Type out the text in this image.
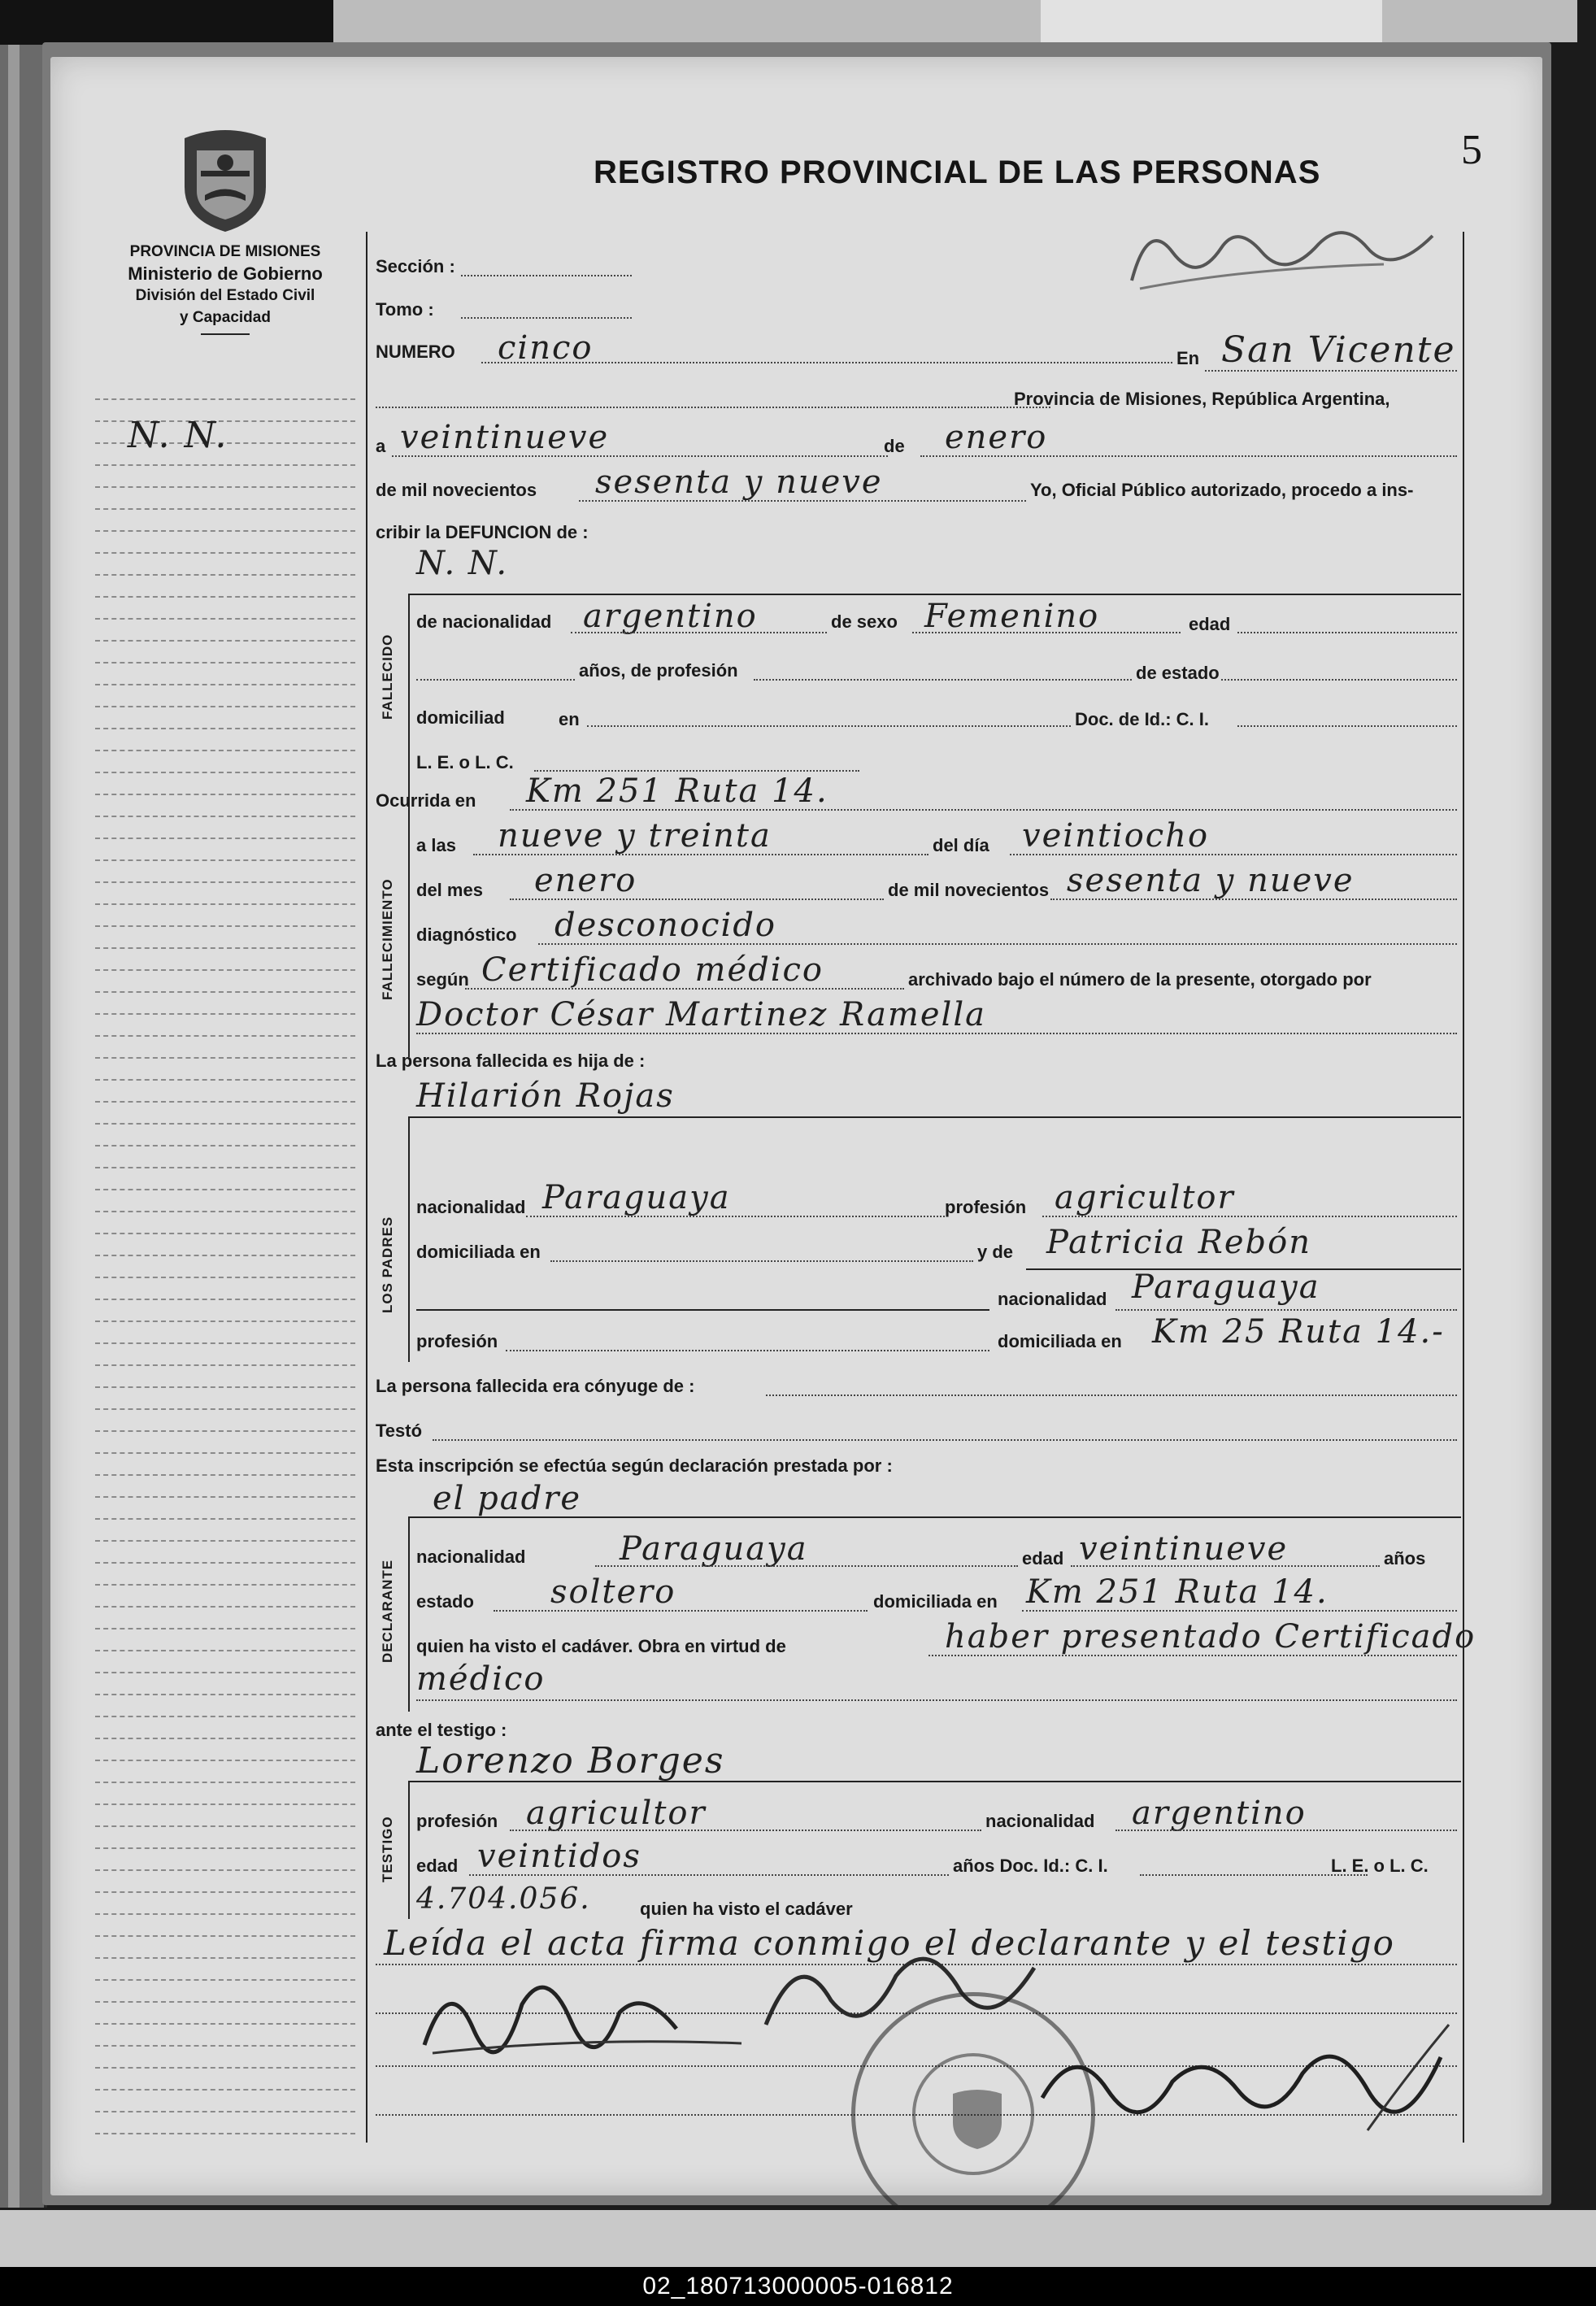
5
REGISTRO PROVINCIAL DE LAS PERSONAS
PROVINCIA DE MISIONES
Ministerio de Gobierno
División del Estado Civil
y Capacidad
N. N.
Sección :
Tomo :
NUMERO cinco	En San Vicente
Provincia de Misiones, República Argentina,
a veintinueve	de enero
de mil novecientos sesenta y nueve	Yo, Oficial Público autorizado, procedo a ins-
cribir la DEFUNCION de :
N. N.
FALLECIDO
de nacionalidad argentino	de sexo Femenino	edad
años, de profesión	de estado
domiciliad	en	Doc. de Id.: C. I.
L. E. o L. C.
Ocurrida en Km 251 Ruta 14.
FALLECIMIENTO
a las nueve y treinta	del día veintiocho
del mes enero	de mil novecientos sesenta y nueve
diagnóstico desconocido
según Certificado médico	archivado bajo el número de la presente, otorgado por
Doctor César Martinez Ramella
La persona fallecida es hija de :
Hilarión Rojas
LOS PADRES
nacionalidad Paraguaya	profesión agricultor
domiciliada en	y de Patricia Rebón
nacionalidad Paraguaya
profesión	domiciliada en Km 25 Ruta 14.-
La persona fallecida era cónyuge de :
Testó
Esta inscripción se efectúa según declaración prestada por :
el padre
DECLARANTE
nacionalidad	Paraguaya	edad veintinueve	años
estado soltero	domiciliada en Km 251 Ruta 14.
quien ha visto el cadáver. Obra en virtud de	haber presentado Certificado
médico
ante el testigo :
Lorenzo Borges
TESTIGO profesión agricultor	nacionalidad argentino
edad veintidos	años Doc. Id.: C. I.	L. E. o L. C.
4.704.056.	quien ha visto el cadáver
Leída el acta firma conmigo el declarante y el testigo
02_180713000005-016812
